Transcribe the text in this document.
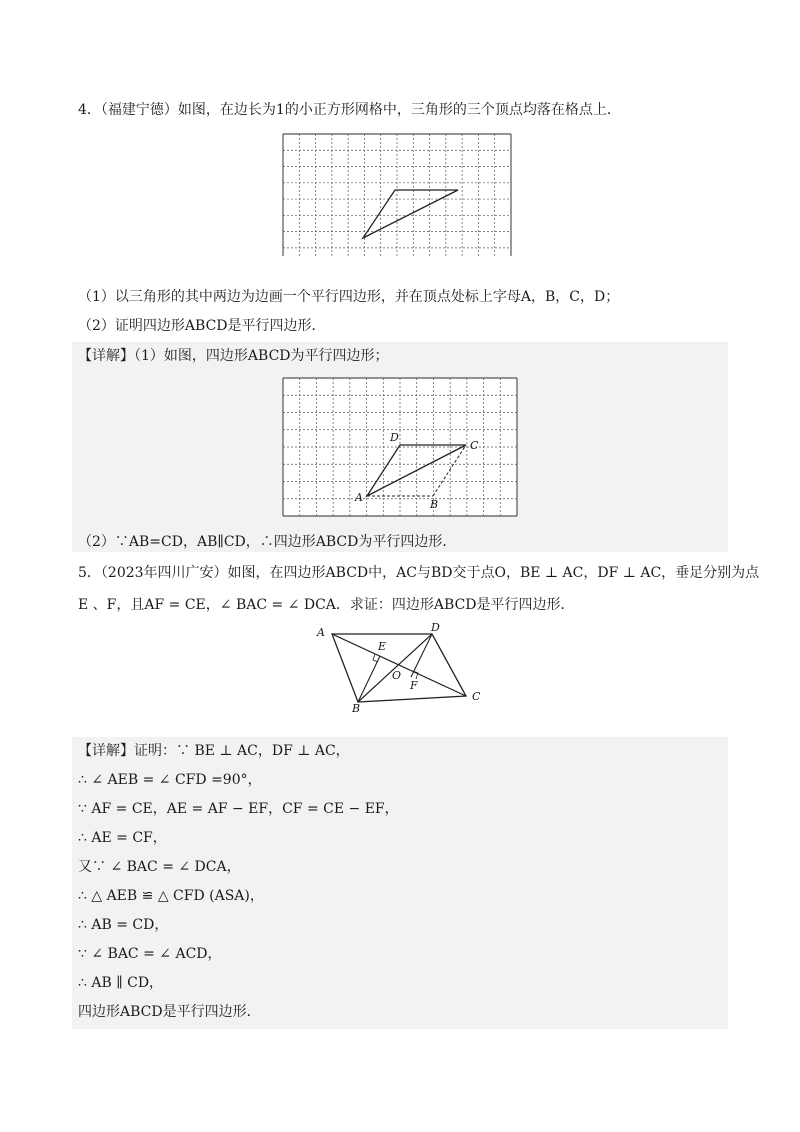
4．（福建宁德）如图，在边长为1的小正方形网格中，三角形的三个顶点均落在格点上．
（1）以三角形的其中两边为边画一个平行四边形，并在顶点处标上字母A，B，C，D；
（2）证明四边形ABCD是平行四边形．
【详解】（1）如图，四边形ABCD为平行四边形；
A
B
C
D
（2）∵AB=CD，AB∥CD，∴四边形ABCD为平行四边形．
5．（2023年四川广安）如图，在四边形ABCD中，AC与BD交于点O，BE ⊥ AC，DF ⊥ AC，垂足分别为点
E 、F，且AF = CE，∠ BAC = ∠ DCA．求证：四边形ABCD是平行四边形．
A
B
C
D
E
O
F
【详解】证明：∵ BE ⊥ AC，DF ⊥ AC，
∴ ∠ AEB = ∠ CFD =90°，
∵ AF = CE，AE = AF − EF，CF = CE − EF，
∴ AE = CF，
又∵ ∠ BAC = ∠ DCA，
∴ △ AEB ≌ △ CFD (ASA)，
∴ AB = CD，
∵ ∠ BAC = ∠ ACD，
∴ AB ∥ CD，
四边形ABCD是平行四边形．
